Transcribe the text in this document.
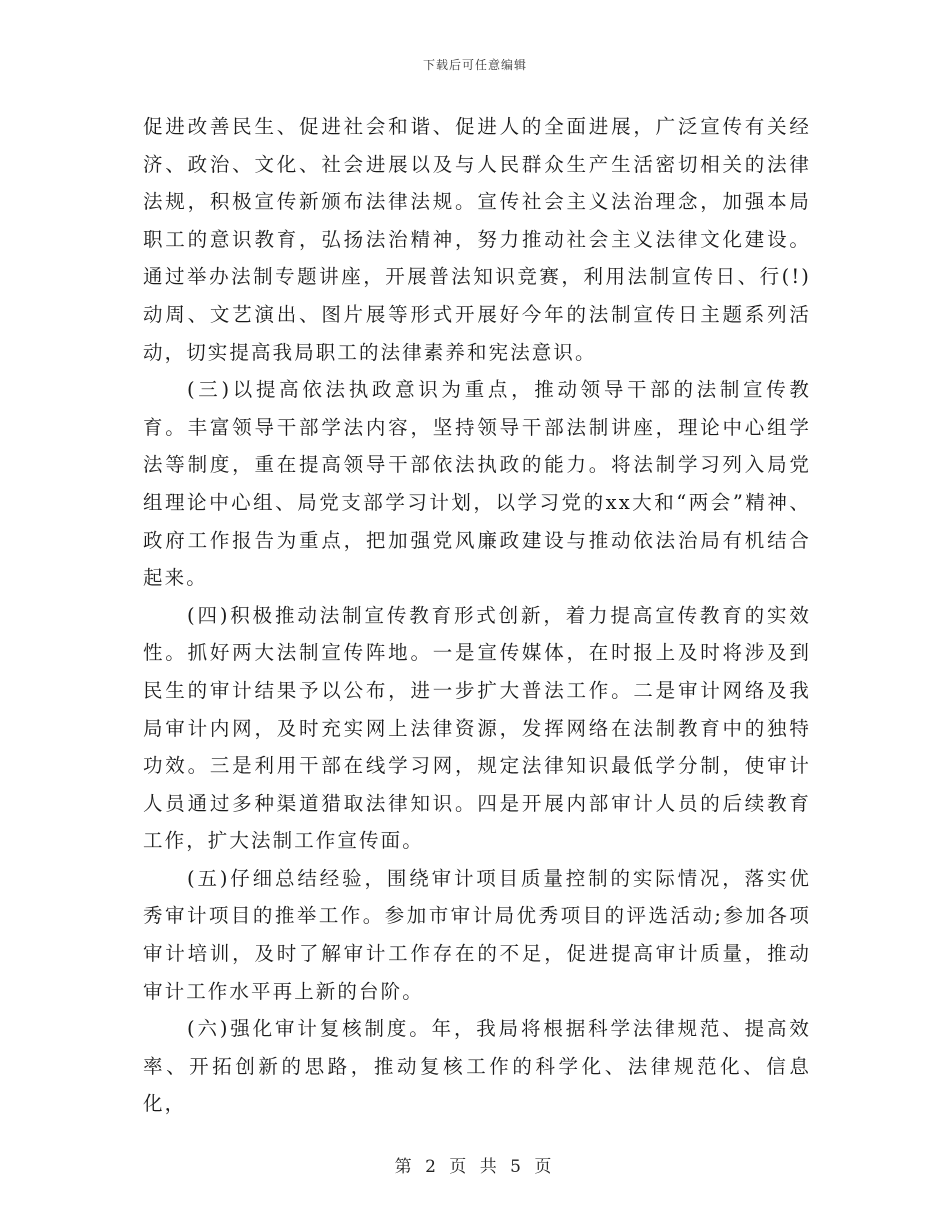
下载后可任意编辑

促进改善民生、促进社会和谐、促进人的全面进展，广泛宣传有关经济、政治、文化、社会进展以及与人民群众生产生活密切相关的法律法规，积极宣传新颁布法律法规。宣传社会主义法治理念，加强本局职工的意识教育，弘扬法治精神，努力推动社会主义法律文化建设。通过举办法制专题讲座，开展普法知识竞赛，利用法制宣传日、行(!)动周、文艺演出、图片展等形式开展好今年的法制宣传日主题系列活动，切实提高我局职工的法律素养和宪法意识。

(三)以提高依法执政意识为重点，推动领导干部的法制宣传教育。丰富领导干部学法内容，坚持领导干部法制讲座，理论中心组学法等制度，重在提高领导干部依法执政的能力。将法制学习列入局党组理论中心组、局党支部学习计划，以学习党的xx大和“两会”精神、政府工作报告为重点，把加强党风廉政建设与推动依法治局有机结合起来。

(四)积极推动法制宣传教育形式创新，着力提高宣传教育的实效性。抓好两大法制宣传阵地。一是宣传媒体，在时报上及时将涉及到民生的审计结果予以公布，进一步扩大普法工作。二是审计网络及我局审计内网，及时充实网上法律资源，发挥网络在法制教育中的独特功效。三是利用干部在线学习网，规定法律知识最低学分制，使审计人员通过多种渠道猎取法律知识。四是开展内部审计人员的后续教育工作，扩大法制工作宣传面。

(五)仔细总结经验，围绕审计项目质量控制的实际情况，落实优秀审计项目的推举工作。参加市审计局优秀项目的评选活动;参加各项审计培训，及时了解审计工作存在的不足，促进提高审计质量，推动审计工作水平再上新的台阶。

(六)强化审计复核制度。年，我局将根据科学法律规范、提高效率、开拓创新的思路，推动复核工作的科学化、法律规范化、信息化，

第 2 页 共 5 页
